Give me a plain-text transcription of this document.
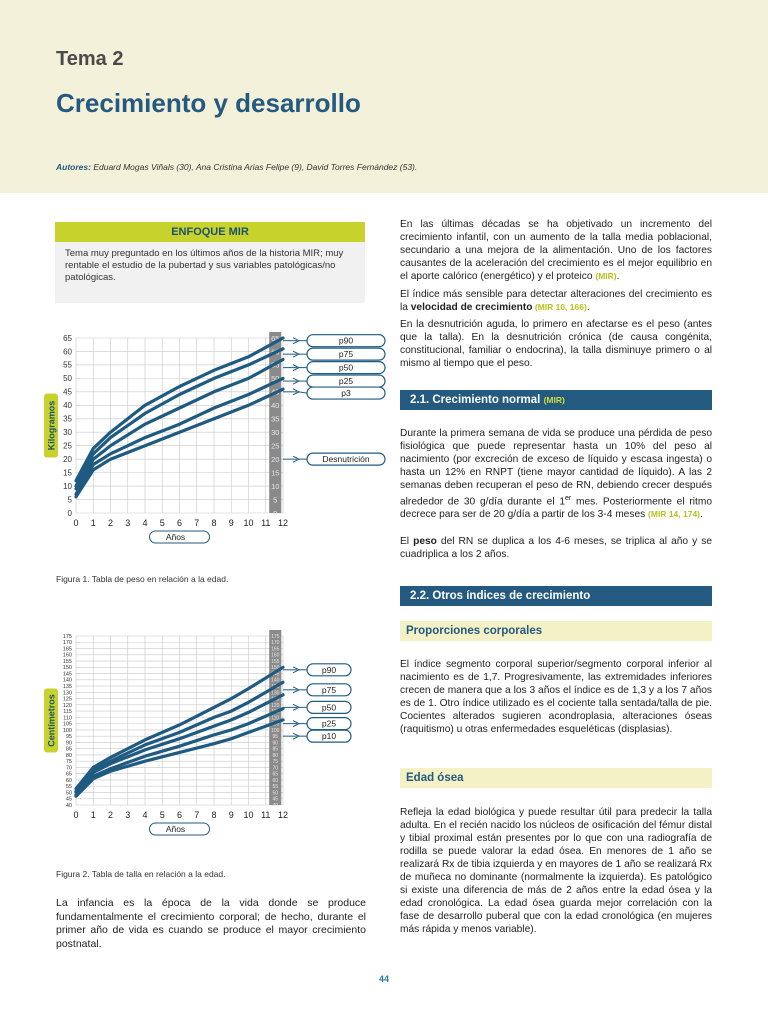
Tema 2
Crecimiento y desarrollo
Autores: Eduard Mogas Viñals (30), Ana Cristina Arias Felipe (9), David Torres Fernández (53).
ENFOQUE MIR
Tema muy preguntado en los últimos años de la historia MIR; muy rentable el estudio de la pubertad y sus variables patológicas/no patológicas.
65
60
55
50
45
40
35
30
25
20
15
10
5
0
65
60
55
50
45
40
35
30
25
20
15
10
5
0
0 1 2 3 4 5 6 7 8 9 10 11 12
Años
Kilogramos
p90
p75
p50
p25
p3
Desnutrición
Figura 1. Tabla de peso en relación a la edad.
175
170
165
160
155
150
145
140
135
130
125
120
115
110
105
100
95
90
85
80
75
70
65
60
55
50
45
40
175
170
165
160
155
150
145
140
135
130
125
120
115
110
105
100
95
90
85
80
75
70
65
60
55
50
45
40
0 1 2 3 4 5 6 7 8 9 10 11 12
Años
Centímetros
p90
p75
p50
p25
p10
Figura 2. Tabla de talla en relación a la edad.
La infancia es la época de la vida donde se produce fundamentalmente el crecimiento corporal; de hecho, durante el primer año de vida es cuando se produce el mayor crecimiento postnatal.
En las últimas décadas se ha objetivado un incremento del crecimiento infantil, con un aumento de la talla media poblacional, secundario a una mejora de la alimentación. Uno de los factores causantes de la aceleración del crecimiento es el mejor equilibrio en el aporte calórico (energético) y el proteico (MIR).
El índice más sensible para detectar alteraciones del crecimiento es la velocidad de crecimiento (MIR 10, 166).
En la desnutrición aguda, lo primero en afectarse es el peso (antes que la talla). En la desnutrición crónica (de causa congénita, constitucional, familiar o endocrina), la talla disminuye primero o al mismo al tiempo que el peso.
2.1. Crecimiento normal (MIR)
Durante la primera semana de vida se produce una pérdida de peso fisiológica que puede representar hasta un 10% del peso al nacimiento (por excreción de exceso de líquido y escasa ingesta) o hasta un 12% en RNPT (tiene mayor cantidad de líquido). A las 2 semanas deben recuperan el peso de RN, debiendo crecer después alrededor de 30 g/día durante el 1er mes. Posteriormente el ritmo decrece para ser de 20 g/día a partir de los 3-4 meses (MIR 14, 174).
El peso del RN se duplica a los 4-6 meses, se triplica al año y se cuadriplica a los 2 años.
2.2. Otros índices de crecimiento
Proporciones corporales
El índice segmento corporal superior/segmento corporal inferior al nacimiento es de 1,7. Progresivamente, las extremidades inferiores crecen de manera que a los 3 años el índice es de 1,3 y a los 7 años es de 1. Otro índice utilizado es el cociente talla sentada/talla de pie. Cocientes alterados sugieren acondroplasia, alteraciones óseas (raquitismo) u otras enfermedades esqueléticas (displasias).
Edad ósea
Refleja la edad biológica y puede resultar útil para predecir la talla adulta. En el recién nacido los núcleos de osificación del fémur distal y tibial proximal están presentes por lo que con una radiografía de rodilla se puede valorar la edad ósea. En menores de 1 año se realizará Rx de tibia izquierda y en mayores de 1 año se realizará Rx de muñeca no dominante (normalmente la izquierda). Es patológico si existe una diferencia de más de 2 años entre la edad ósea y la edad cronológica. La edad ósea guarda mejor correlación con la fase de desarrollo puberal que con la edad cronológica (en mujeres más rápida y menos variable).
44
